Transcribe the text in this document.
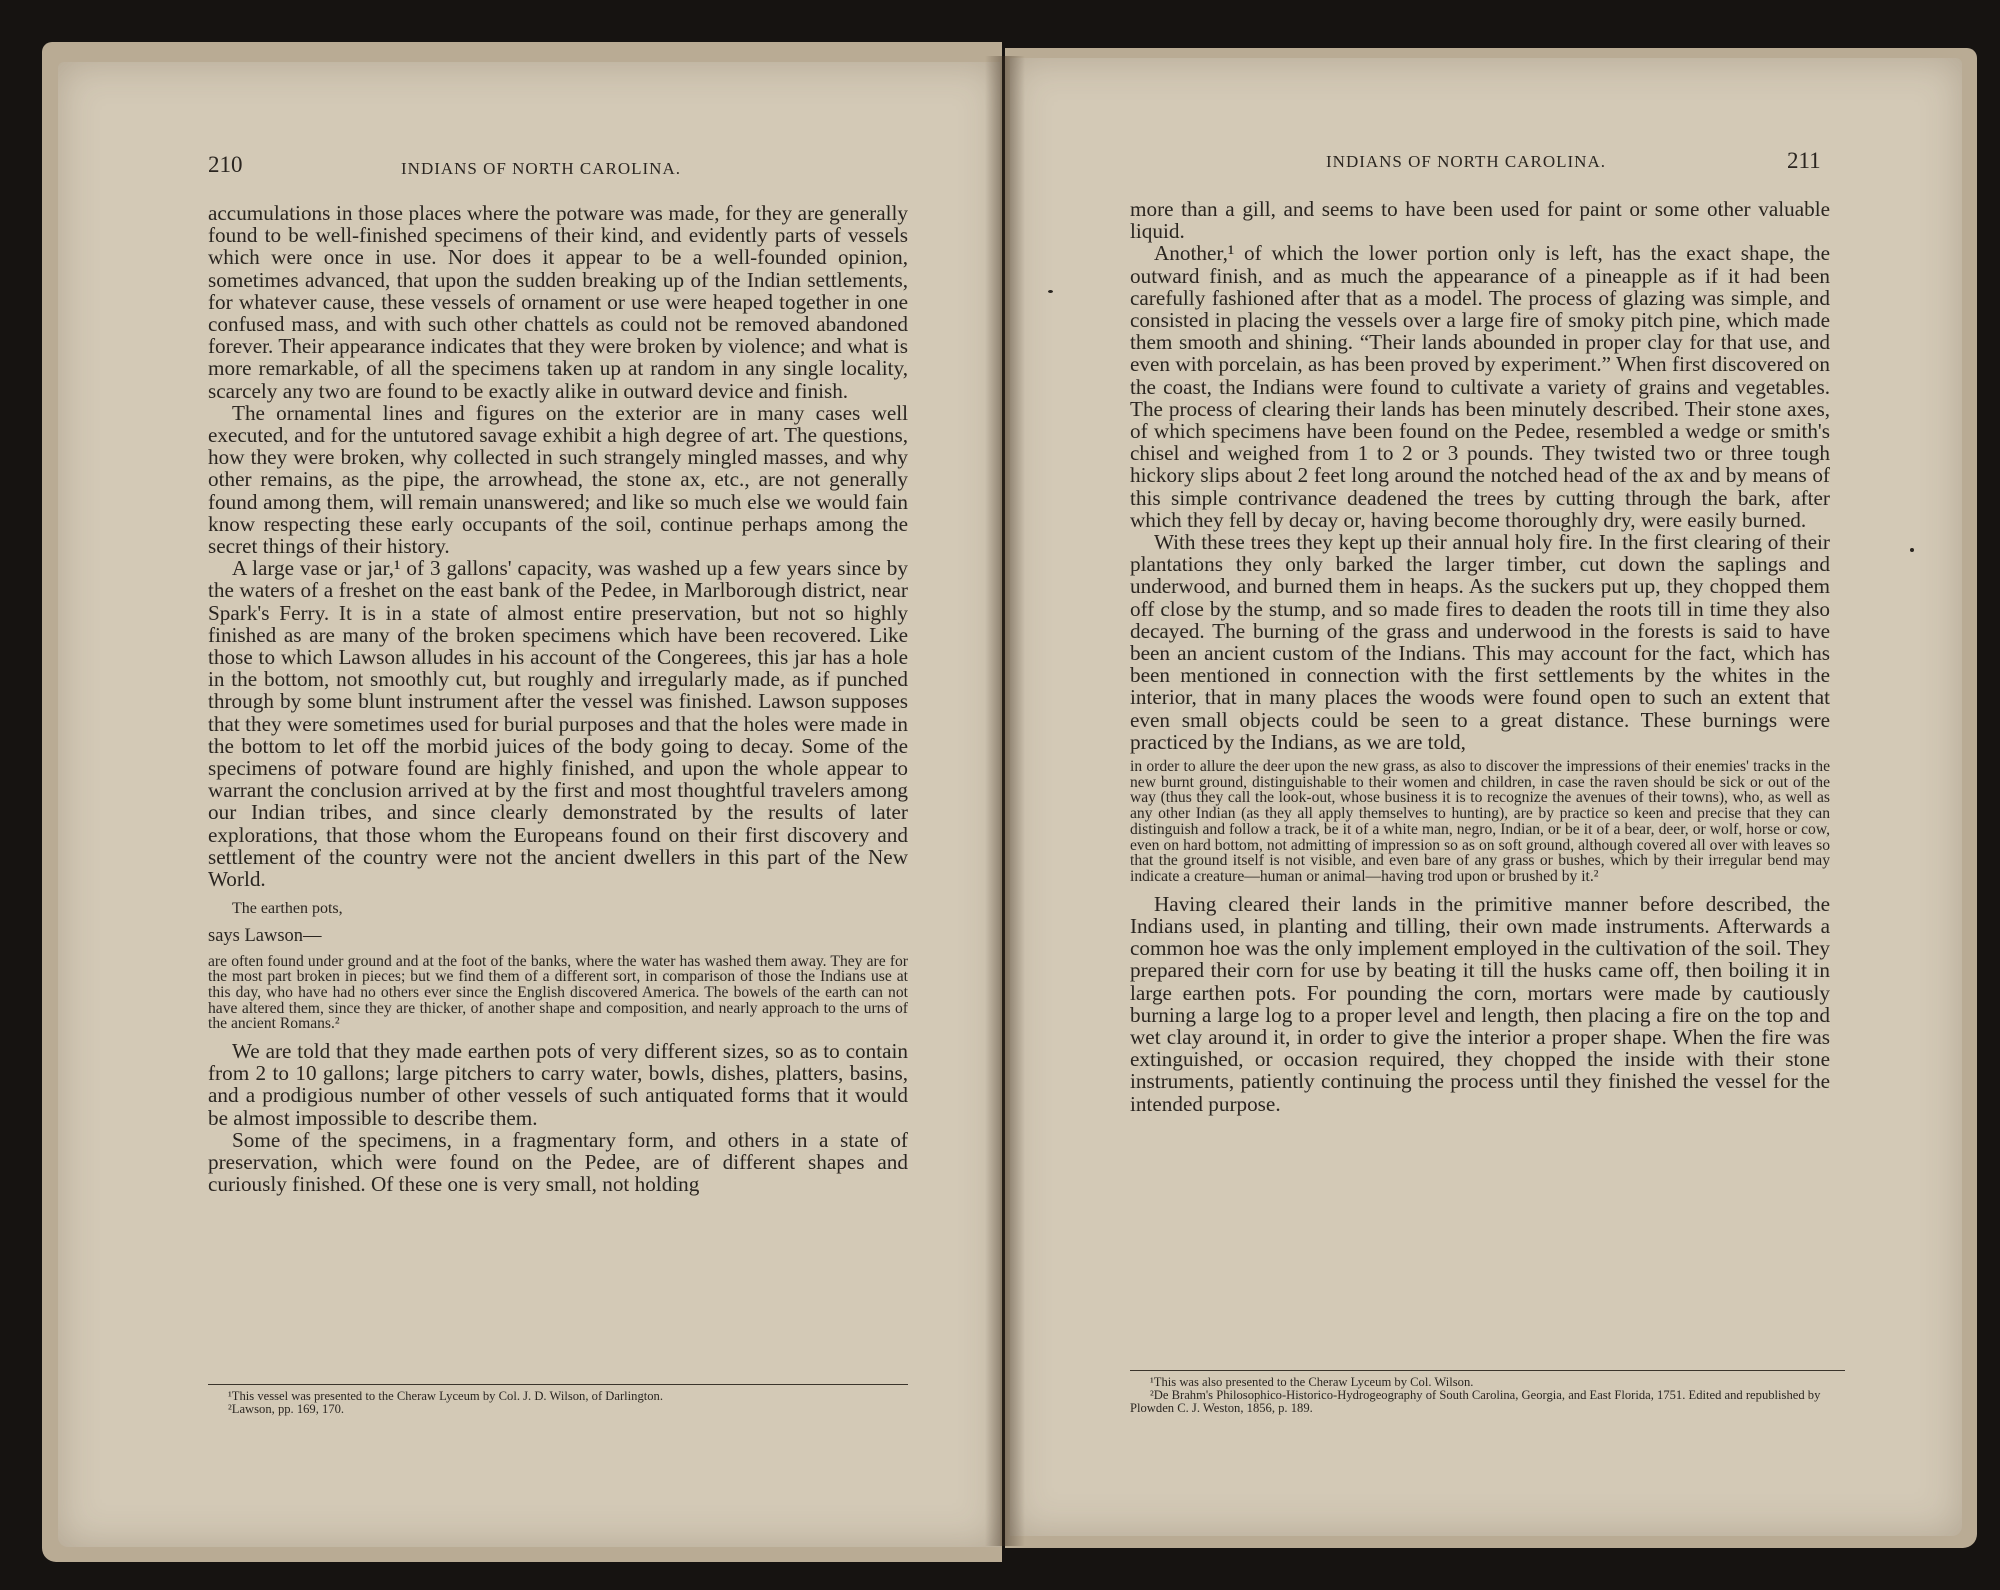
210	INDIANS OF NORTH CAROLINA.

accumulations in those places where the potware was made, for they are generally found to be well-finished specimens of their kind, and evidently parts of vessels which were once in use. Nor does it appear to be a well-founded opinion, sometimes advanced, that upon the sudden breaking up of the Indian settlements, for whatever cause, these vessels of ornament or use were heaped together in one confused mass, and with such other chattels as could not be removed abandoned forever. Their appearance indicates that they were broken by violence; and what is more remarkable, of all the specimens taken up at random in any single locality, scarcely any two are found to be exactly alike in outward device and finish.

The ornamental lines and figures on the exterior are in many cases well executed, and for the untutored savage exhibit a high degree of art. The questions, how they were broken, why collected in such strangely mingled masses, and why other remains, as the pipe, the arrowhead, the stone ax, etc., are not generally found among them, will remain unanswered; and like so much else we would fain know respecting these early occupants of the soil, continue perhaps among the secret things of their history.

A large vase or jar,¹ of 3 gallons' capacity, was washed up a few years since by the waters of a freshet on the east bank of the Pedee, in Marlborough district, near Spark's Ferry. It is in a state of almost entire preservation, but not so highly finished as are many of the broken specimens which have been recovered. Like those to which Lawson alludes in his account of the Congerees, this jar has a hole in the bottom, not smoothly cut, but roughly and irregularly made, as if punched through by some blunt instrument after the vessel was finished. Lawson supposes that they were sometimes used for burial purposes and that the holes were made in the bottom to let off the morbid juices of the body going to decay. Some of the specimens of potware found are highly finished, and upon the whole appear to warrant the conclusion arrived at by the first and most thoughtful travelers among our Indian tribes, and since clearly demonstrated by the results of later explorations, that those whom the Europeans found on their first discovery and settlement of the country were not the ancient dwellers in this part of the New World.

The earthen pots,

says Lawson—

are often found under ground and at the foot of the banks, where the water has washed them away. They are for the most part broken in pieces; but we find them of a different sort, in comparison of those the Indians use at this day, who have had no others ever since the English discovered America. The bowels of the earth can not have altered them, since they are thicker, of another shape and composition, and nearly approach to the urns of the ancient Romans.²

We are told that they made earthen pots of very different sizes, so as to contain from 2 to 10 gallons; large pitchers to carry water, bowls, dishes, platters, basins, and a prodigious number of other vessels of such antiquated forms that it would be almost impossible to describe them.

Some of the specimens, in a fragmentary form, and others in a state of preservation, which were found on the Pedee, are of different shapes and curiously finished. Of these one is very small, not holding

¹This vessel was presented to the Cheraw Lyceum by Col. J. D. Wilson, of Darlington.

²Lawson, pp. 169, 170.

INDIANS OF NORTH CAROLINA.	211

more than a gill, and seems to have been used for paint or some other valuable liquid.

Another,¹ of which the lower portion only is left, has the exact shape, the outward finish, and as much the appearance of a pineapple as if it had been carefully fashioned after that as a model. The process of glazing was simple, and consisted in placing the vessels over a large fire of smoky pitch pine, which made them smooth and shining. “Their lands abounded in proper clay for that use, and even with porcelain, as has been proved by experiment.” When first discovered on the coast, the Indians were found to cultivate a variety of grains and vegetables. The process of clearing their lands has been minutely described. Their stone axes, of which specimens have been found on the Pedee, resembled a wedge or smith's chisel and weighed from 1 to 2 or 3 pounds. They twisted two or three tough hickory slips about 2 feet long around the notched head of the ax and by means of this simple contrivance deadened the trees by cutting through the bark, after which they fell by decay or, having become thoroughly dry, were easily burned.

With these trees they kept up their annual holy fire. In the first clearing of their plantations they only barked the larger timber, cut down the saplings and underwood, and burned them in heaps. As the suckers put up, they chopped them off close by the stump, and so made fires to deaden the roots till in time they also decayed. The burning of the grass and underwood in the forests is said to have been an ancient custom of the Indians. This may account for the fact, which has been mentioned in connection with the first settlements by the whites in the interior, that in many places the woods were found open to such an extent that even small objects could be seen to a great distance. These burnings were practiced by the Indians, as we are told,

in order to allure the deer upon the new grass, as also to discover the impressions of their enemies' tracks in the new burnt ground, distinguishable to their women and children, in case the raven should be sick or out of the way (thus they call the look-out, whose business it is to recognize the avenues of their towns), who, as well as any other Indian (as they all apply themselves to hunting), are by practice so keen and precise that they can distinguish and follow a track, be it of a white man, negro, Indian, or be it of a bear, deer, or wolf, horse or cow, even on hard bottom, not admitting of impression so as on soft ground, although covered all over with leaves so that the ground itself is not visible, and even bare of any grass or bushes, which by their irregular bend may indicate a creature—human or animal—having trod upon or brushed by it.²

Having cleared their lands in the primitive manner before described, the Indians used, in planting and tilling, their own made instruments. Afterwards a common hoe was the only implement employed in the cultivation of the soil. They prepared their corn for use by beating it till the husks came off, then boiling it in large earthen pots. For pounding the corn, mortars were made by cautiously burning a large log to a proper level and length, then placing a fire on the top and wet clay around it, in order to give the interior a proper shape. When the fire was extinguished, or occasion required, they chopped the inside with their stone instruments, patiently continuing the process until they finished the vessel for the intended purpose.

¹This was also presented to the Cheraw Lyceum by Col. Wilson.

²De Brahm's Philosophico-Historico-Hydrogeography of South Carolina, Georgia, and East Florida, 1751. Edited and republished by Plowden C. J. Weston, 1856, p. 189.
